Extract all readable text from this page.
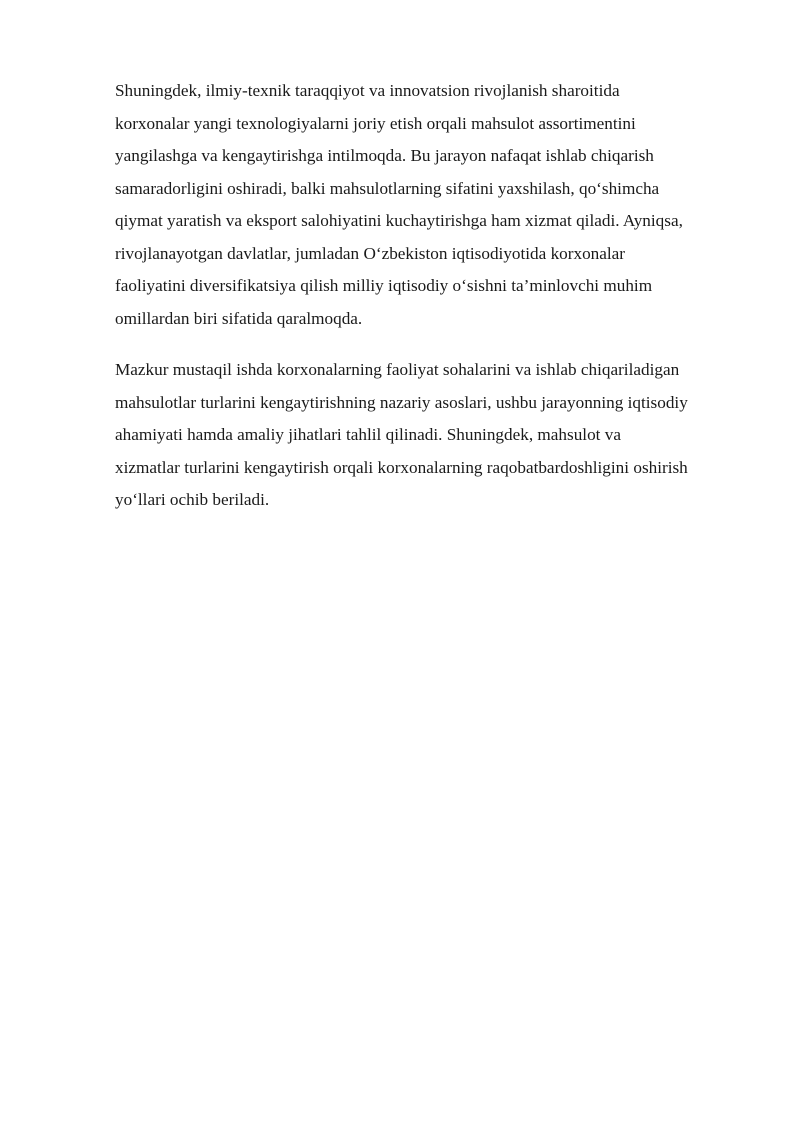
Shuningdek, ilmiy-texnik taraqqiyot va innovatsion rivojlanish sharoitida
korxonalar yangi texnologiyalarni joriy etish orqali mahsulot assortimentini
yangilashga va kengaytirishga intilmoqda. Bu jarayon nafaqat ishlab chiqarish
samaradorligini oshiradi, balki mahsulotlarning sifatini yaxshilash, qo‘shimcha
qiymat yaratish va eksport salohiyatini kuchaytirishga ham xizmat qiladi. Ayniqsa,
rivojlanayotgan davlatlar, jumladan O‘zbekiston iqtisodiyotida korxonalar
faoliyatini diversifikatsiya qilish milliy iqtisodiy o‘sishni ta’minlovchi muhim
omillardan biri sifatida qaralmoqda.

Mazkur mustaqil ishda korxonalarning faoliyat sohalarini va ishlab chiqariladigan
mahsulotlar turlarini kengaytirishning nazariy asoslari, ushbu jarayonning iqtisodiy
ahamiyati hamda amaliy jihatlari tahlil qilinadi. Shuningdek, mahsulot va
xizmatlar turlarini kengaytirish orqali korxonalarning raqobatbardoshligini oshirish
yo‘llari ochib beriladi.
